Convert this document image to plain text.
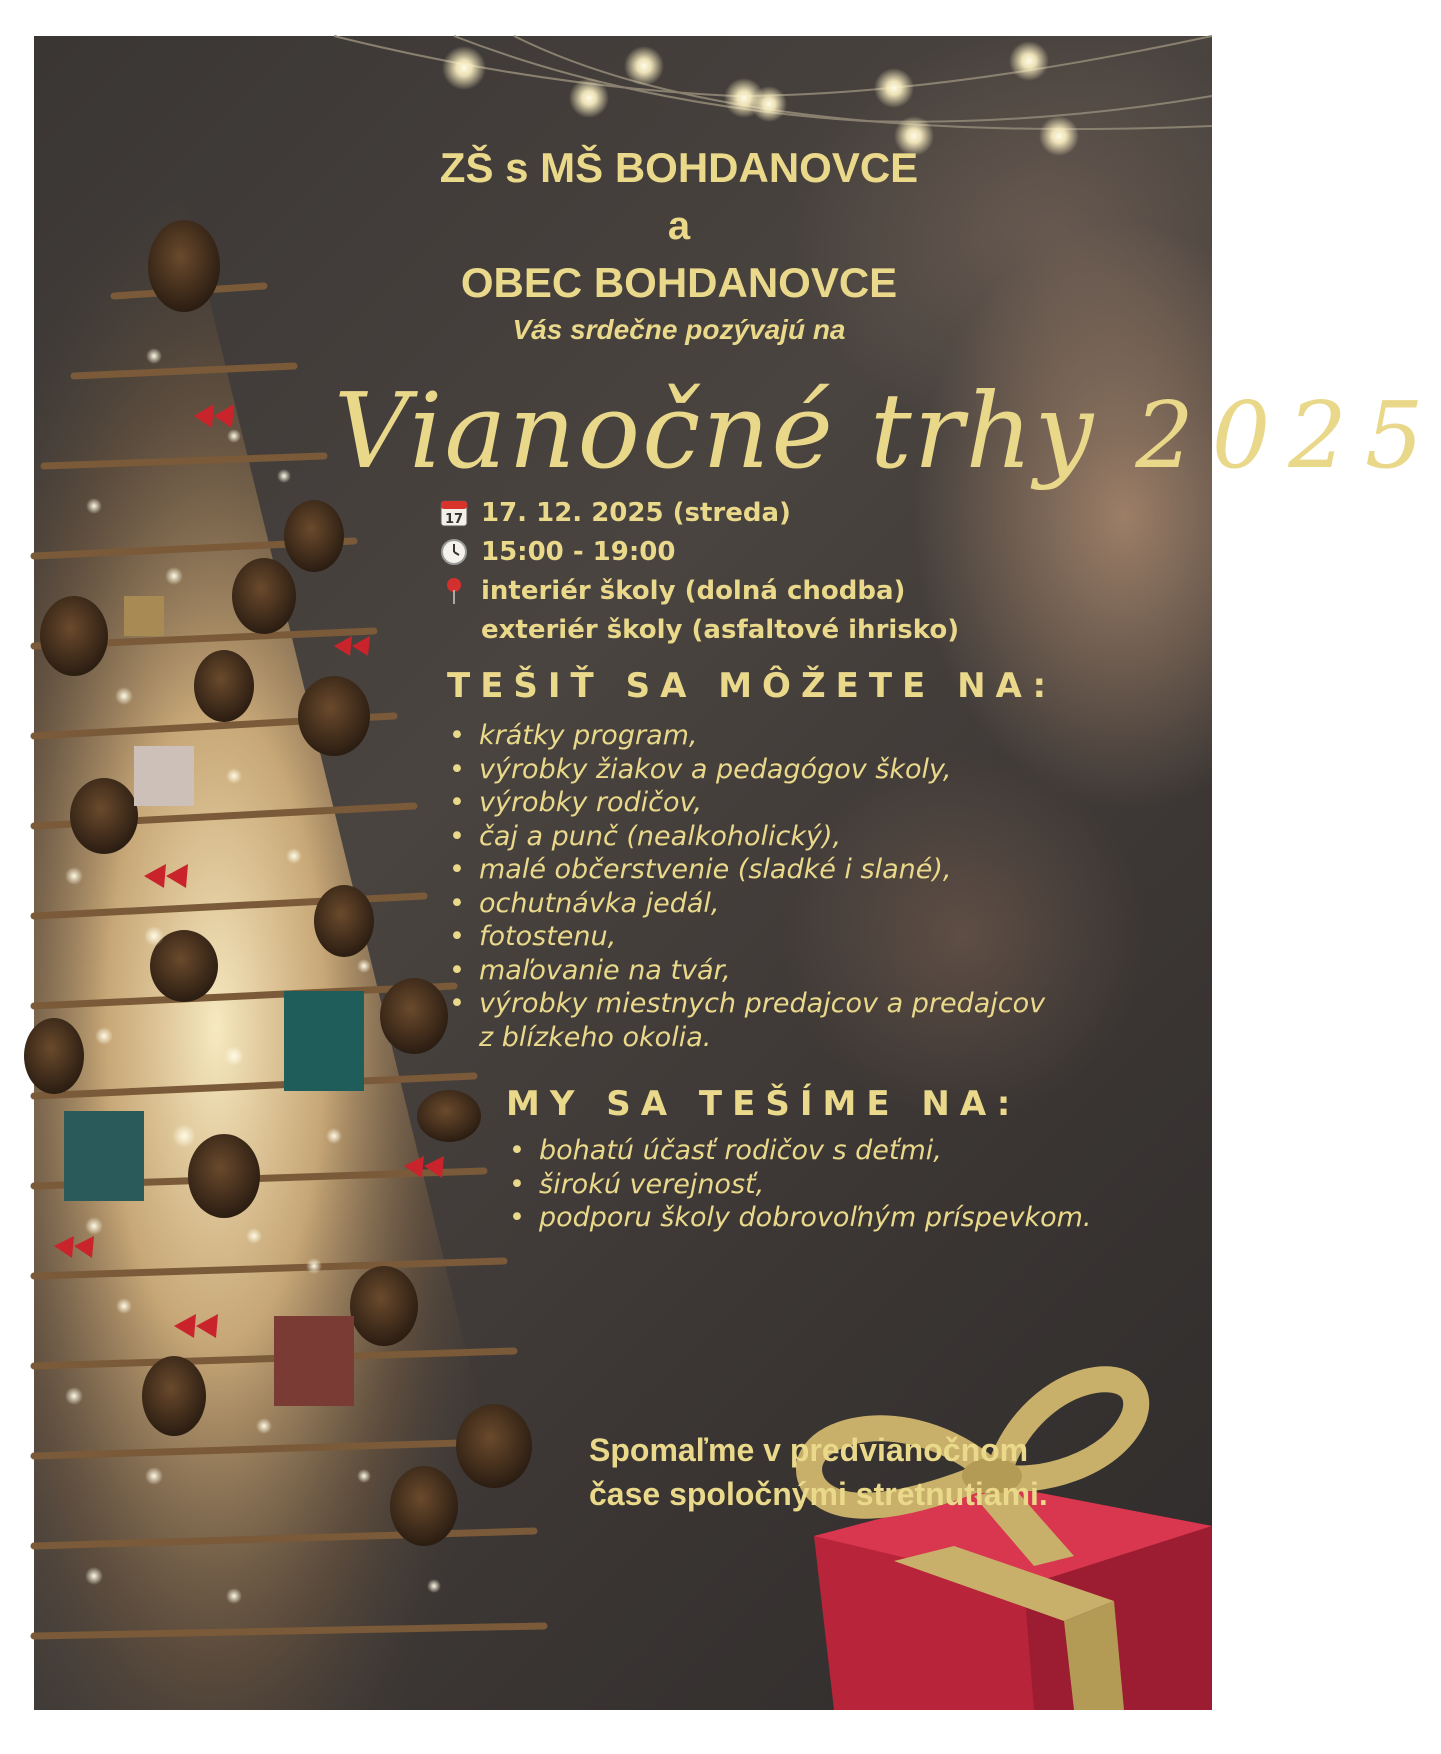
ZŠ s MŠ BOHDANOVCE
a
OBEC BOHDANOVCE
Vás srdečne pozývajú na
Vianočné trhy 2025
17 17. 12. 2025 (streda)
15:00 - 19:00
interiér školy (dolná chodba)
exteriér školy (asfaltové ihrisko)
TEŠIŤ SA MÔŽETE NA:
• krátky program,
• výrobky žiakov a pedagógov školy,
• výrobky rodičov,
• čaj a punč (nealkoholický),
• malé občerstvenie (sladké i slané),
• ochutnávka jedál,
• fotostenu,
• maľovanie na tvár,
• výrobky miestnych predajcov a predajcov
z blízkeho okolia.
MY SA TEŠÍME NA:
• bohatú účasť rodičov s deťmi,
• širokú verejnosť,
• podporu školy dobrovoľným príspevkom.
Spomaľme v predvianočnom
čase spoločnými stretnutiami.
